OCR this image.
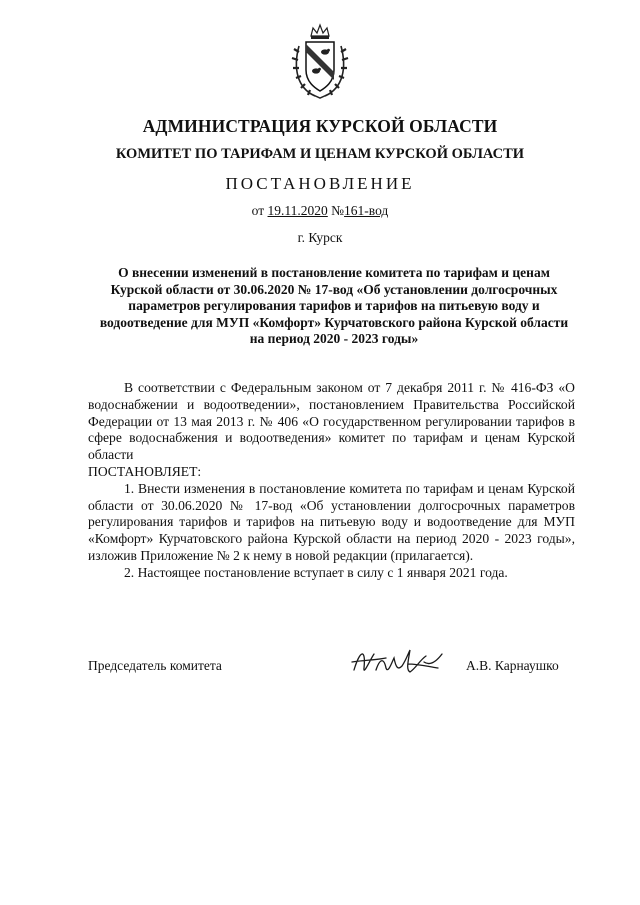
АДМИНИСТРАЦИЯ КУРСКОЙ ОБЛАСТИ
КОМИТЕТ ПО ТАРИФАМ И ЦЕНАМ КУРСКОЙ ОБЛАСТИ
ПОСТАНОВЛЕНИЕ
от 19.11.2020 №161-вод
г. Курск
О внесении изменений в постановление комитета по тарифам и ценам Курской области от 30.06.2020 № 17-вод «Об установлении долгосрочных параметров регулирования тарифов и тарифов на питьевую воду и водоотведение для МУП «Комфорт» Курчатовского района Курской области на период 2020 - 2023 годы»

В соответствии с Федеральным законом от 7 декабря 2011 г. № 416-ФЗ «О водоснабжении и водоотведении», постановлением Правительства Российской Федерации от 13 мая 2013 г. № 406 «О государственном регулировании тарифов в сфере водоснабжения и водоотведения» комитет по тарифам и ценам Курской области

ПОСТАНОВЛЯЕТ:

1. Внести изменения в постановление комитета по тарифам и ценам Курской области от 30.06.2020 № 17-вод «Об установлении долгосрочных параметров регулирования тарифов и тарифов на питьевую воду и водоотведение для МУП «Комфорт» Курчатовского района Курской области на период 2020 - 2023 годы», изложив Приложение № 2 к нему в новой редакции (прилагается).

2. Настоящее постановление вступает в силу с 1 января 2021 года.

Председатель комитета	А.В. Карнаушко
